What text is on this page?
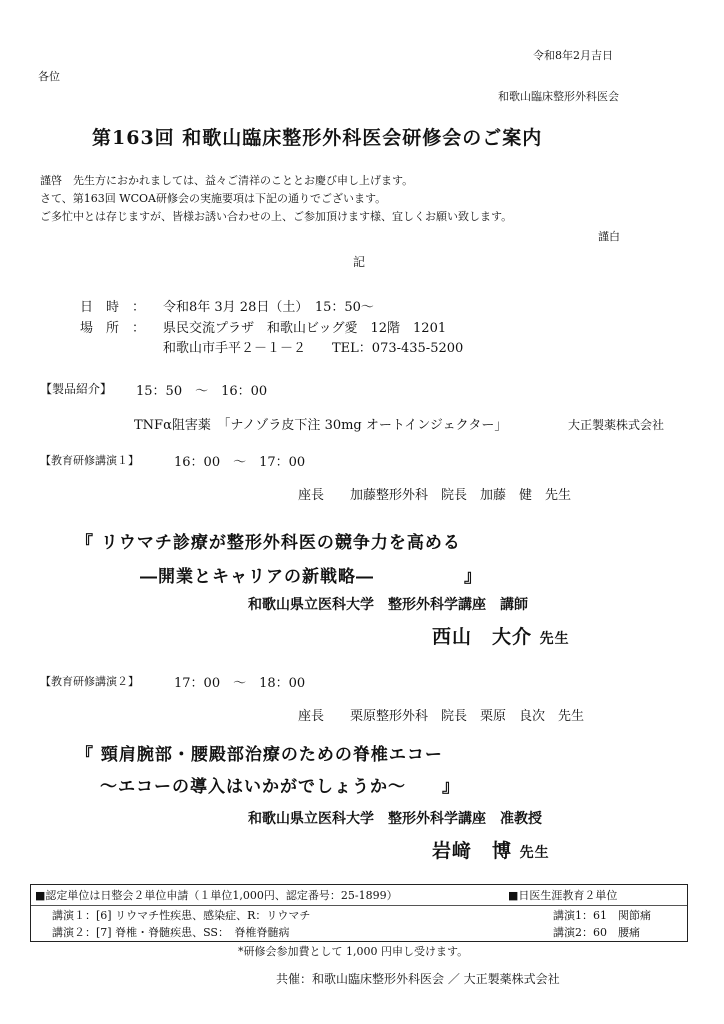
令和8年2月吉日
各位
和歌山臨床整形外科医会
第163回 和歌山臨床整形外科医会研修会のご案内
謹啓　先生方におかれましては、益々ご清祥のこととお慶び申し上げます。
さて、第163回 WCOA研修会の実施要項は下記の通りでございます。
ご多忙中とは存じますが、皆様お誘い合わせの上、ご参加頂けます様、宜しくお願い致します。
謹白
記
日　時　： 令和8年 3月 28日（土）　15：50～
場　所　： 県民交流プラザ　和歌山ビッグ愛　12階　1201
和歌山市手平２－１－２　　TEL：073-435-5200
【製品紹介】 15：50　～　16：00
TNFα阻害薬　「ナノゾラ皮下注 30mg オートインジェクター」	大正製薬株式会社
【教育研修講演１】	16：00　～　17：00
座長　　加藤整形外科　院長　加藤　健　先生
『 リウマチ診療が整形外科医の競争力を高める
―開業とキャリアの新戦略―　　　　　』
和歌山県立医科大学　整形外科学講座　講師
西山　大介 先生
【教育研修講演２】	17：00　～　18：00
座長　　栗原整形外科　院長　栗原　良次　先生
『 頸肩腕部・腰殿部治療のための脊椎エコー
～エコーの導入はいかがでしょうか～　　』
和歌山県立医科大学　整形外科学講座　准教授
岩﨑　博 先生
■認定単位は日整会２単位申請（１単位1,000円、認定番号：25-1899）	■日医生涯教育２単位
講演１：[6] リウマチ性疾患、感染症、R：リウマチ	講演1：61　関節痛
講演２：[7] 脊椎・脊髄疾患、SS：　脊椎脊髄病	講演2：60　腰痛
*研修会参加費として 1,000 円申し受けます。
共催：和歌山臨床整形外科医会 ／ 大正製薬株式会社
